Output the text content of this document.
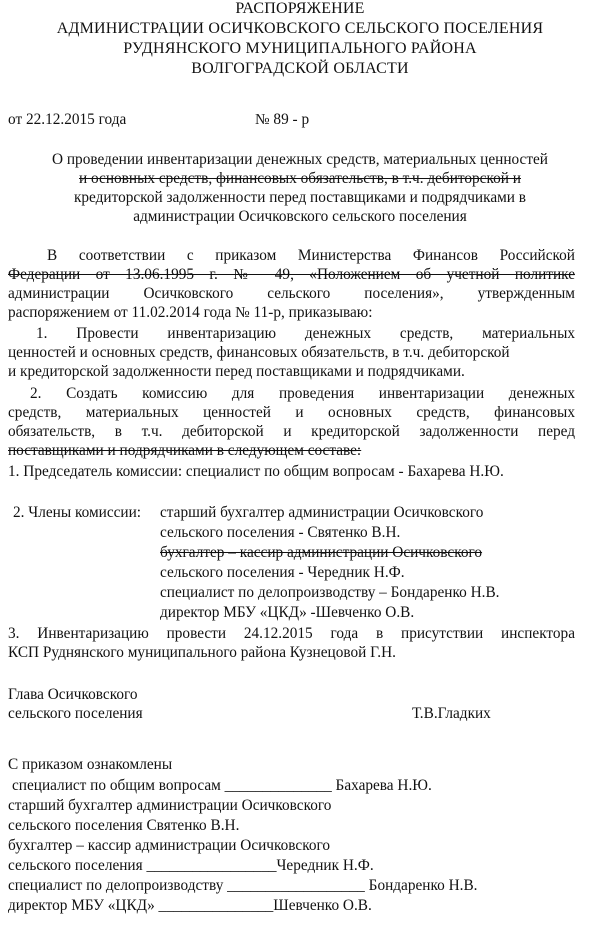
РАСПОРЯЖЕНИЕ
АДМИНИСТРАЦИИ ОСИЧКОВСКОГО СЕЛЬСКОГО ПОСЕЛЕНИЯ
РУДНЯНСКОГО МУНИЦИПАЛЬНОГО РАЙОНА
ВОЛГОГРАДСКОЙ ОБЛАСТИ
от 22.12.2015 года	№ 89 - р
О проведении инвентаризации денежных средств, материальных ценностей
и основных средств, финансовых обязательств, в т.ч. дебиторской и
кредиторской задолженности перед поставщиками и подрядчиками в
администрации Осичковского сельского поселения
В соответствии с приказом Министерства Финансов Российской
Федерации от 13.06.1995 г. № 49, «Положением об учетной политике
администрации Осичковского сельского поселения», утвержденным
распоряжением от 11.02.2014 года № 11-р, приказываю:
1. Провести инвентаризацию денежных средств, материальных
ценностей и основных средств, финансовых обязательств, в т.ч. дебиторской
и кредиторской задолженности перед поставщиками и подрядчиками.
2. Создать комиссию для проведения инвентаризации денежных
средств, материальных ценностей и основных средств, финансовых
обязательств, в т.ч. дебиторской и кредиторской задолженности перед
поставщиками и подрядчиками в следующем составе:
1. Председатель комиссии: специалист по общим вопросам - Бахарева Н.Ю.
2. Члены комиссии: старший бухгалтер администрации Осичковского
сельского поселения - Святенко В.Н.
бухгалтер – кассир администрации Осичковского
сельского поселения - Чередник Н.Ф.
специалист по делопроизводству – Бондаренко Н.В.
директор МБУ «ЦКД» -Шевченко О.В.
3. Инвентаризацию провести 24.12.2015 года в присутствии инспектора
КСП Руднянского муниципального района Кузнецовой Г.Н.
Глава Осичковского
сельского поселения	Т.В.Гладких
С приказом ознакомлены
специалист по общим вопросам ______________ Бахарева Н.Ю.
старший бухгалтер администрации Осичковского
сельского поселения Святенко В.Н.
бухгалтер – кассир администрации Осичковского
сельского поселения _________________Чередник Н.Ф.
специалист по делопроизводству __________________ Бондаренко Н.В.
директор МБУ «ЦКД» _______________Шевченко О.В.
